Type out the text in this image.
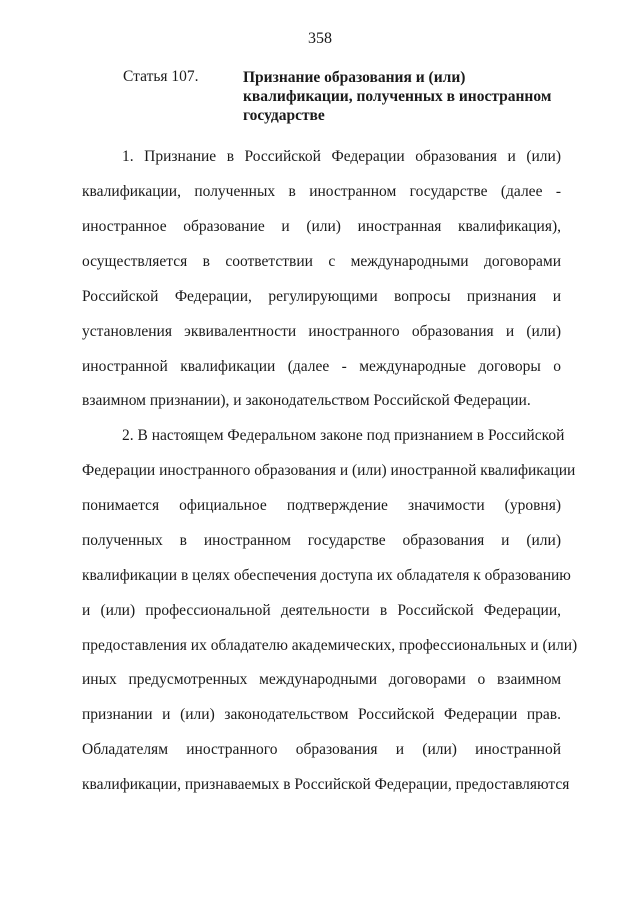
358
Статья 107.	Признание образования и (или)
квалификации, полученных в иностранном
государстве
1. Признание в Российской Федерации образования и (или)
квалификации, полученных в иностранном государстве (далее -
иностранное образование и (или) иностранная квалификация),
осуществляется в соответствии с международными договорами
Российской Федерации, регулирующими вопросы признания и
установления эквивалентности иностранного образования и (или)
иностранной квалификации (далее - международные договоры о
взаимном признании), и законодательством Российской Федерации.
2. В настоящем Федеральном законе под признанием в Российской
Федерации иностранного образования и (или) иностранной квалификации
понимается официальное подтверждение значимости (уровня)
полученных в иностранном государстве образования и (или)
квалификации в целях обеспечения доступа их обладателя к образованию
и (или) профессиональной деятельности в Российской Федерации,
предоставления их обладателю академических, профессиональных и (или)
иных предусмотренных международными договорами о взаимном
признании и (или) законодательством Российской Федерации прав.
Обладателям иностранного образования и (или) иностранной
квалификации, признаваемых в Российской Федерации, предоставляются
